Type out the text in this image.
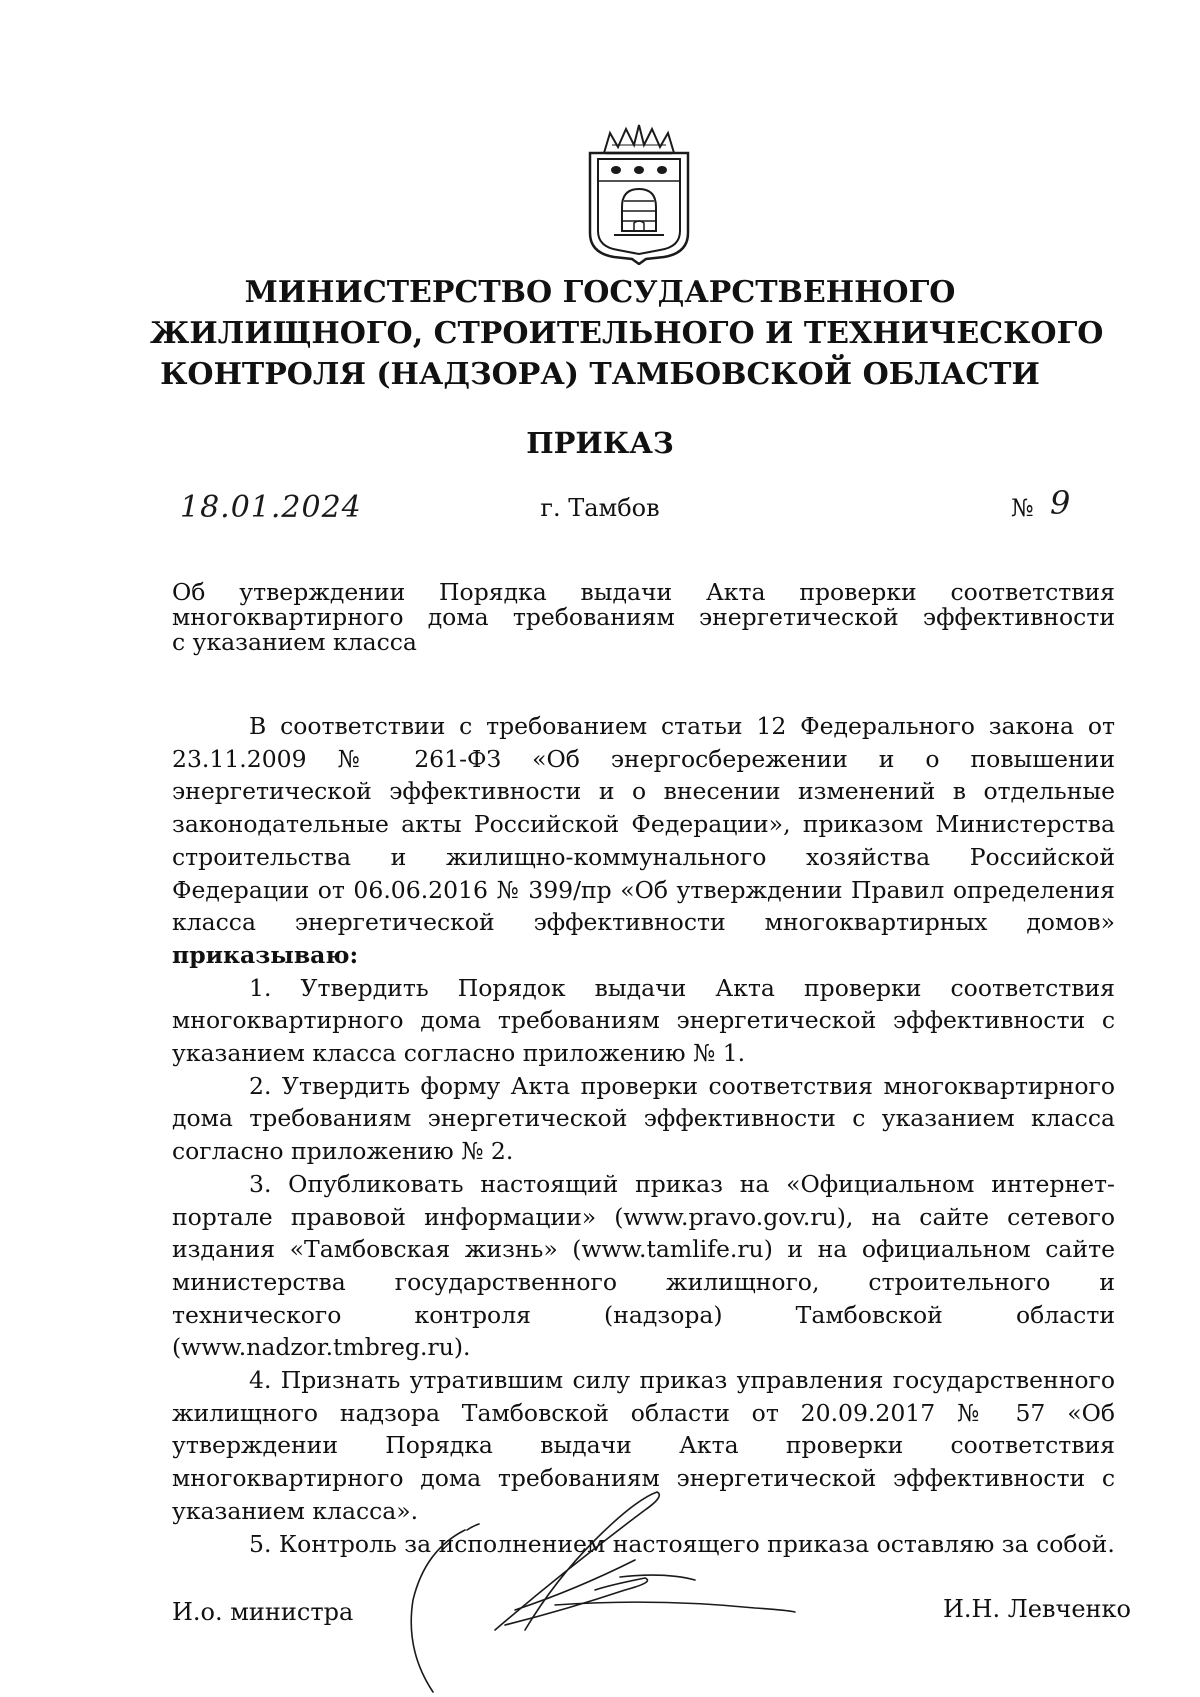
МИНИСТЕРСТВО ГОСУДАРСТВЕННОГО
ЖИЛИЩНОГО, СТРОИТЕЛЬНОГО И ТЕХНИЧЕСКОГО
КОНТРОЛЯ (НАДЗОРА) ТАМБОВСКОЙ ОБЛАСТИ
ПРИКАЗ
18.01.2024	г. Тамбов	№ 9
Об утверждении Порядка выдачи Акта проверки соответствия
многоквартирного дома требованиям энергетической эффективности
с указанием класса

В соответствии с требованием статьи 12 Федерального закона от 23.11.2009 № 261-ФЗ «Об энергосбережении и о повышении энергетической эффективности и о внесении изменений в отдельные законодательные акты Российской Федерации», приказом Министерства строительства и жилищно-коммунального хозяйства Российской Федерации от 06.06.2016 № 399/пр «Об утверждении Правил определения класса энергетической эффективности многоквартирных домов» приказываю:

1. Утвердить Порядок выдачи Акта проверки соответствия многоквартирного дома требованиям энергетической эффективности с указанием класса согласно приложению № 1.

2. Утвердить форму Акта проверки соответствия многоквартирного дома требованиям энергетической эффективности с указанием класса согласно приложению № 2.

3. Опубликовать настоящий приказ на «Официальном интернет-портале правовой информации» (www.pravo.gov.ru), на сайте сетевого издания «Тамбовская жизнь» (www.tamlife.ru) и на официальном сайте министерства государственного жилищного, строительного и технического контроля (надзора) Тамбовской области (www.nadzor.tmbreg.ru).

4. Признать утратившим силу приказ управления государственного жилищного надзора Тамбовской области от 20.09.2017 № 57 «Об утверждении Порядка выдачи Акта проверки соответствия многоквартирного дома требованиям энергетической эффективности с указанием класса».

5. Контроль за исполнением настоящего приказа оставляю за собой.

И.о. министра	И.Н. Левченко
